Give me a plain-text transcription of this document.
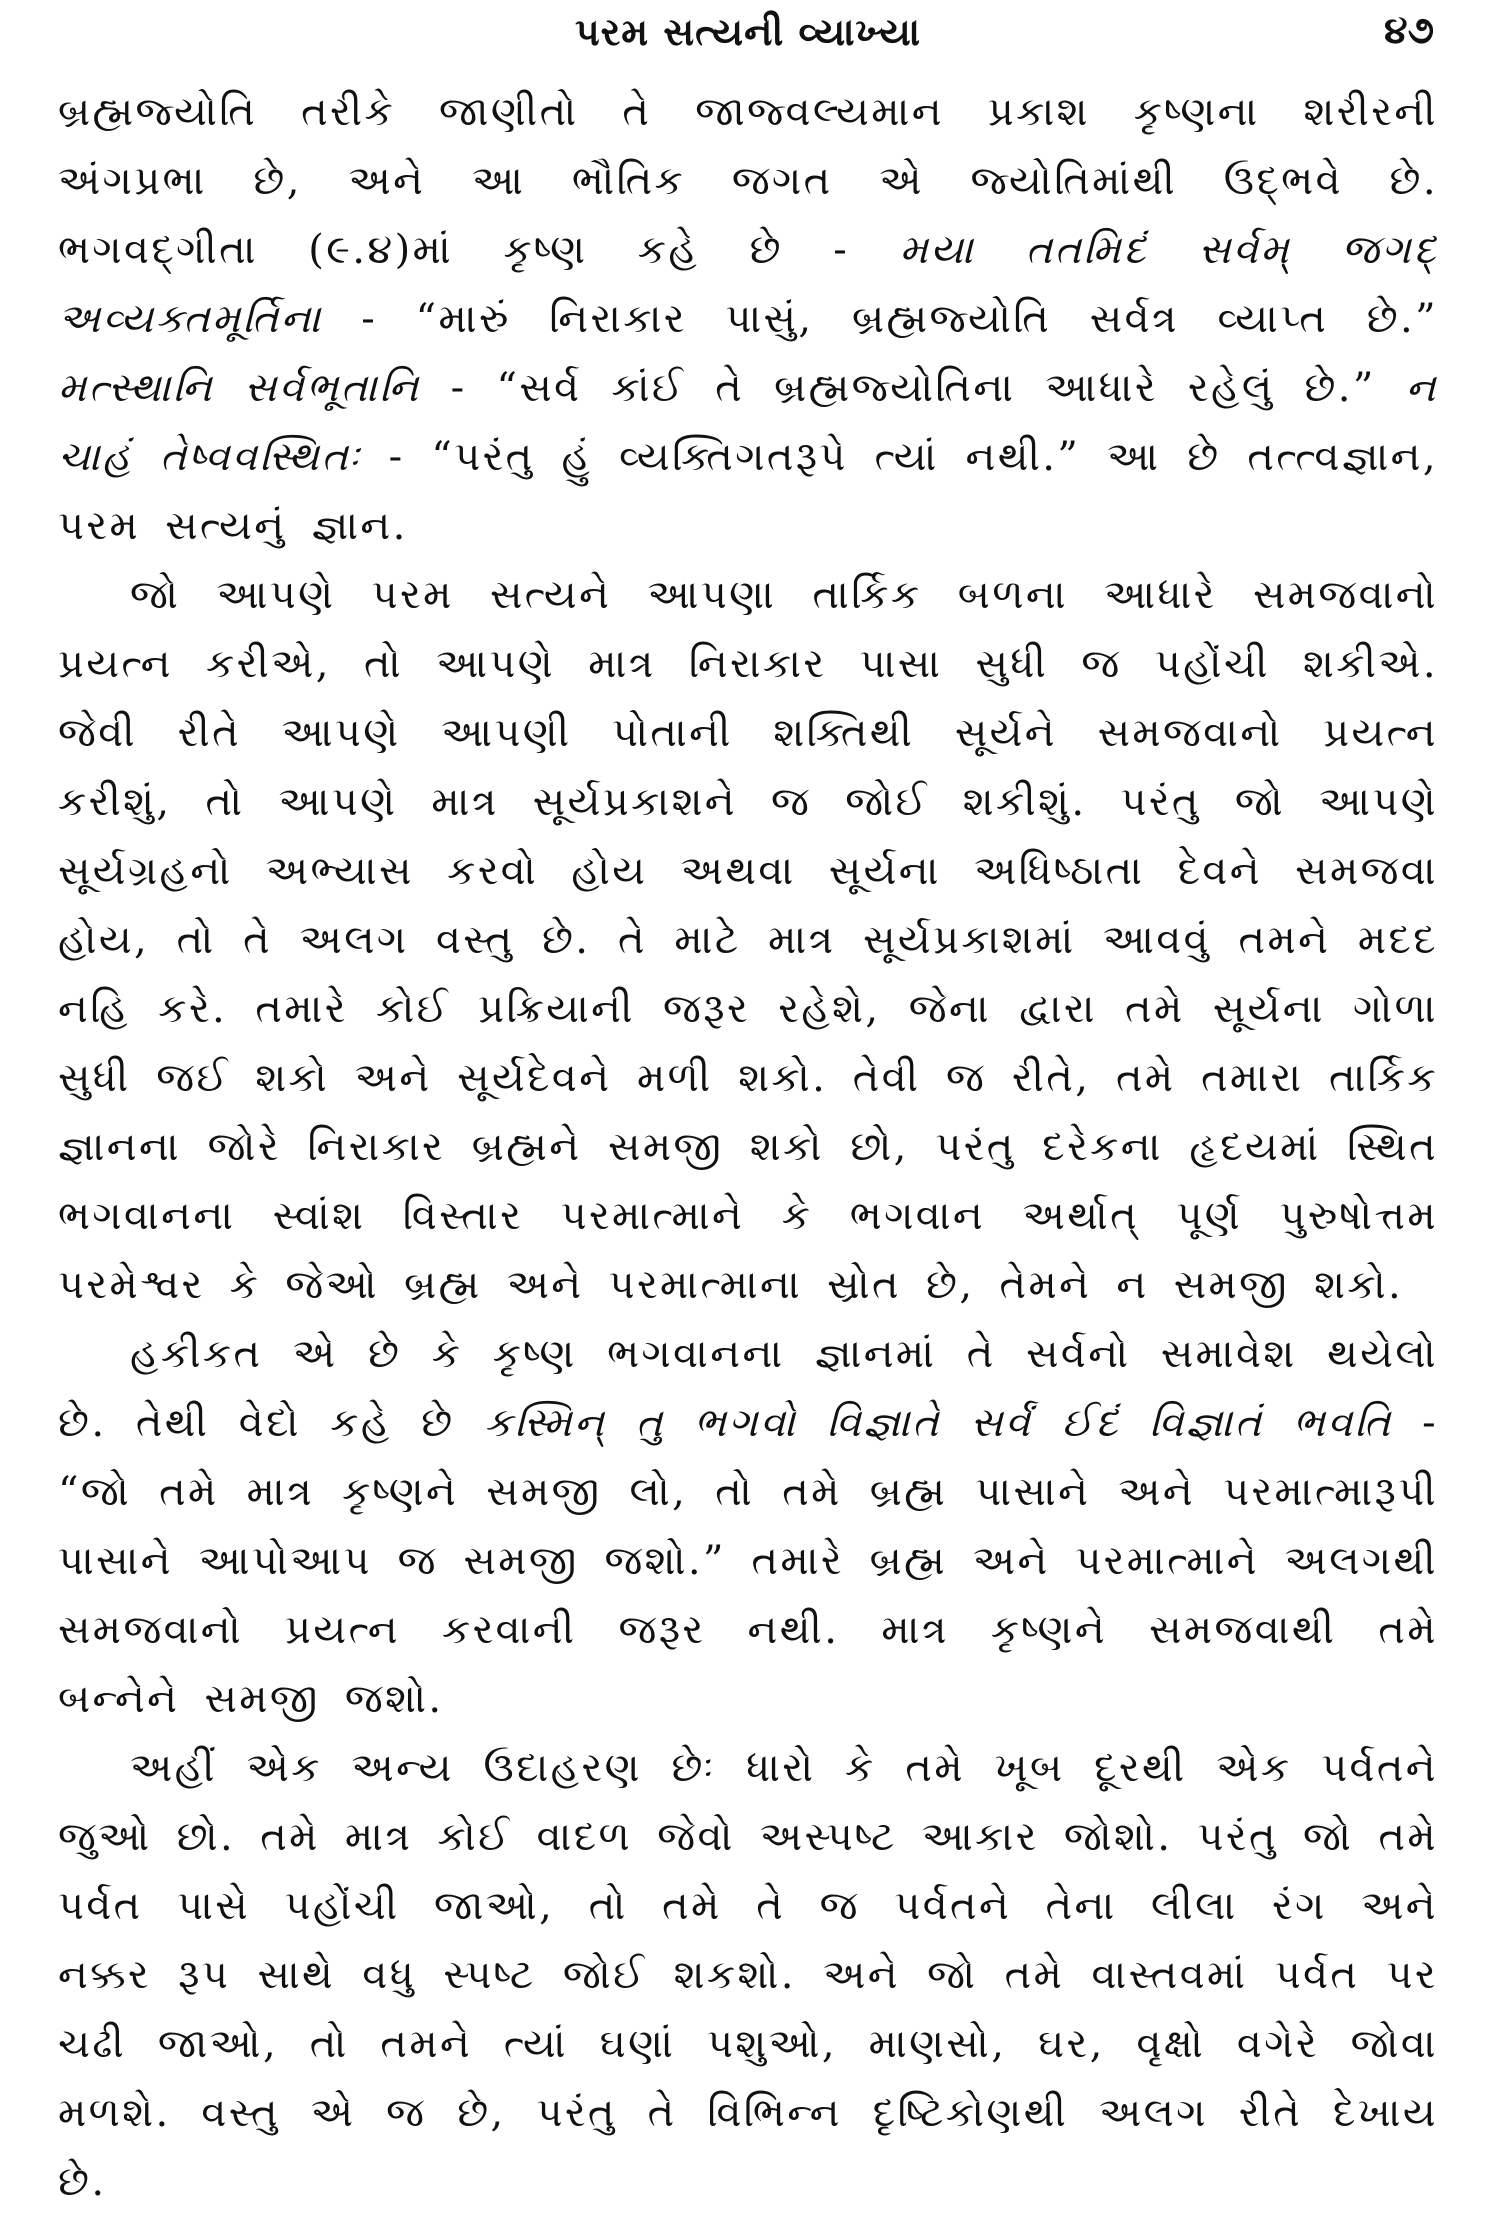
પરમ સત્યની વ્યાખ્યા	૪૭

બ્રહ્મજ્યોતિ તરીકે જાણીતો તે જાજ્વલ્યમાન પ્રકાશ કૃષ્ણના શરીરની અંગપ્રભા છે, અને આ ભૌતિક જગત એ જ્યોતિમાંથી ઉદ્ભવે છે. ભગવદ્ગીતા (૯.૪)માં કૃષ્ણ કહે છે - મયા તતમિદં સર્વમ્ જગદ્ અવ્યક્તમૂર્તિના - “મારું નિરાકાર પાસું, બ્રહ્મજ્યોતિ સર્વત્ર વ્યાપ્ત છે.” મત્સ્થાનિ સર્વભૂતાનિ - “સર્વ કાંઈ તે બ્રહ્મજ્યોતિના આધારે રહેલું છે.” ન ચાહં તેષ્વવસ્થિતઃ - “પરંતુ હું વ્યક્તિગતરૂપે ત્યાં નથી.” આ છે તત્ત્વજ્ઞાન, પરમ સત્યનું જ્ઞાન.

જો આપણે પરમ સત્યને આપણા તાર્કિક બળના આધારે સમજવાનો પ્રયત્ન કરીએ, તો આપણે માત્ર નિરાકાર પાસા સુધી જ પહોંચી શકીએ. જેવી રીતે આપણે આપણી પોતાની શક્તિથી સૂર્યને સમજવાનો પ્રયત્ન કરીશું, તો આપણે માત્ર સૂર્યપ્રકાશને જ જોઈ શકીશું. પરંતુ જો આપણે સૂર્યગ્રહનો અભ્યાસ કરવો હોય અથવા સૂર્યના અધિષ્ઠાતા દેવને સમજવા હોય, તો તે અલગ વસ્તુ છે. તે માટે માત્ર સૂર્યપ્રકાશમાં આવવું તમને મદદ નહિ કરે. તમારે કોઈ પ્રક્રિયાની જરૂર રહેશે, જેના દ્વારા તમે સૂર્યના ગોળા સુધી જઈ શકો અને સૂર્યદેવને મળી શકો. તેવી જ રીતે, તમે તમારા તાર્કિક જ્ઞાનના જોરે નિરાકાર બ્રહ્મને સમજી શકો છો, પરંતુ દરેકના હૃદયમાં સ્થિત ભગવાનના સ્વાંશ વિસ્તાર પરમાત્માને કે ભગવાન અર્થાત્ પૂર્ણ પુરુષોત્તમ પરમેશ્વર કે જેઓ બ્રહ્મ અને પરમાત્માના સ્રોત છે, તેમને ન સમજી શકો.

હકીકત એ છે કે કૃષ્ણ ભગવાનના જ્ઞાનમાં તે સર્વનો સમાવેશ થયેલો છે. તેથી વેદો કહે છે કસ્મિન્ તુ ભગવો વિજ્ઞાતે સર્વં ઈદં વિજ્ઞાતં ભવતિ - “જો તમે માત્ર કૃષ્ણને સમજી લો, તો તમે બ્રહ્મ પાસાને અને પરમાત્મારૂપી પાસાને આપોઆપ જ સમજી જશો.” તમારે બ્રહ્મ અને પરમાત્માને અલગથી સમજવાનો પ્રયત્ન કરવાની જરૂર નથી. માત્ર કૃષ્ણને સમજવાથી તમે બન્નેને સમજી જશો.

અહીં એક અન્ય ઉદાહરણ છેઃ ધારો કે તમે ખૂબ દૂરથી એક પર્વતને જુઓ છો. તમે માત્ર કોઈ વાદળ જેવો અસ્પષ્ટ આકાર જોશો. પરંતુ જો તમે પર્વત પાસે પહોંચી જાઓ, તો તમે તે જ પર્વતને તેના લીલા રંગ અને નક્કર રૂપ સાથે વધુ સ્પષ્ટ જોઈ શકશો. અને જો તમે વાસ્તવમાં પર્વત પર ચઢી જાઓ, તો તમને ત્યાં ઘણાં પશુઓ, માણસો, ઘર, વૃક્ષો વગેરે જોવા મળશે. વસ્તુ એ જ છે, પરંતુ તે વિભિન્ન દૃષ્ટિકોણથી અલગ રીતે દેખાય છે.
